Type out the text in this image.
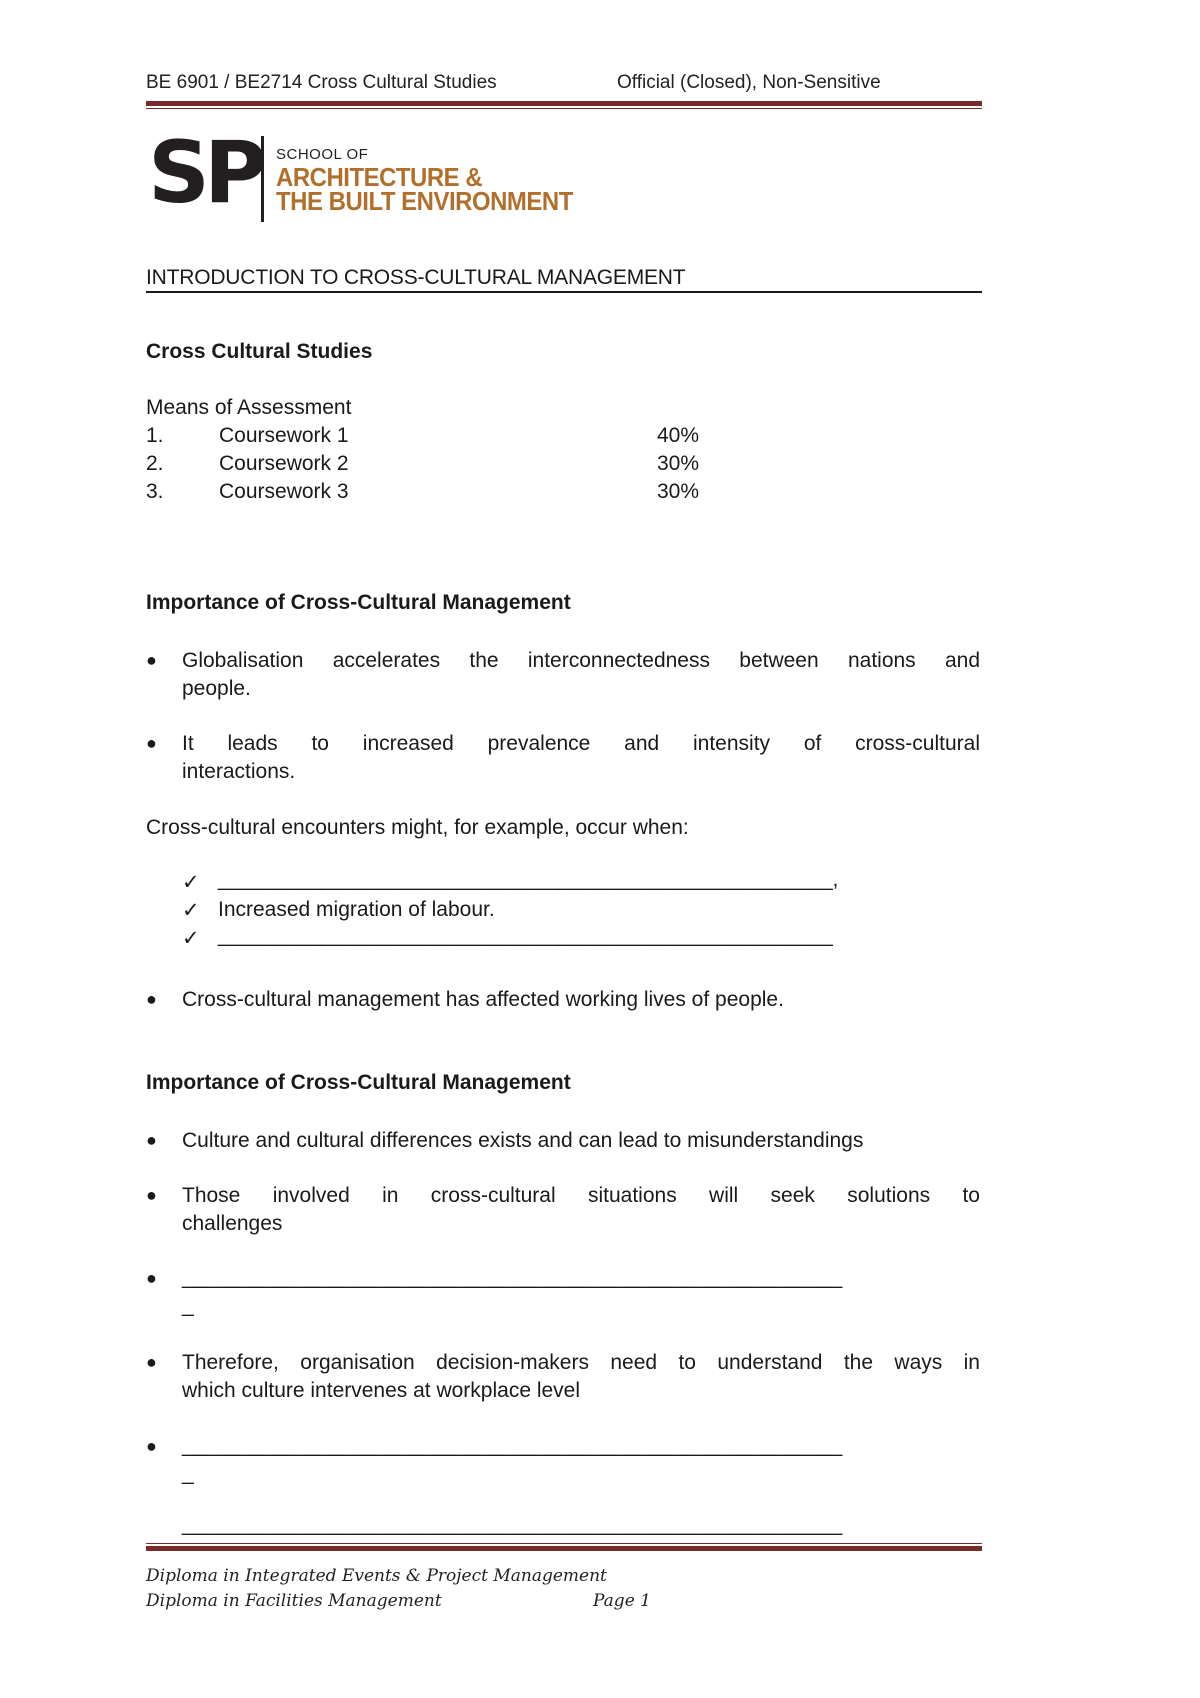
BE 6901 / BE2714 Cross Cultural Studies	Official (Closed), Non-Sensitive
SP SCHOOL OF
ARCHITECTURE &
THE BUILT ENVIRONMENT
INTRODUCTION TO CROSS-CULTURAL MANAGEMENT
Cross Cultural Studies
Means of Assessment
1.	Coursework 1	40%
2.	Coursework 2	30%
3.	Coursework 3	30%
Importance of Cross-Cultural Management
● Globalisation accelerates the interconnectedness between nations and
people.
● It leads to increased prevalence and intensity of cross-cultural
interactions.
Cross-cultural encounters might, for example, occur when:
✓ ______________________________________________________,
✓ Increased migration of labour.
✓ ______________________________________________________
● Cross-cultural management has affected working lives of people.
Importance of Cross-Cultural Management
● Culture and cultural differences exists and can lead to misunderstandings
● Those involved in cross-cultural situations will seek solutions to
challenges
● __________________________________________________________
_
● Therefore, organisation decision-makers need to understand the ways in
which culture intervenes at workplace level
● __________________________________________________________
_
__________________________________________________________
Diploma in Integrated Events & Project Management
Diploma in Facilities Management	Page 1
